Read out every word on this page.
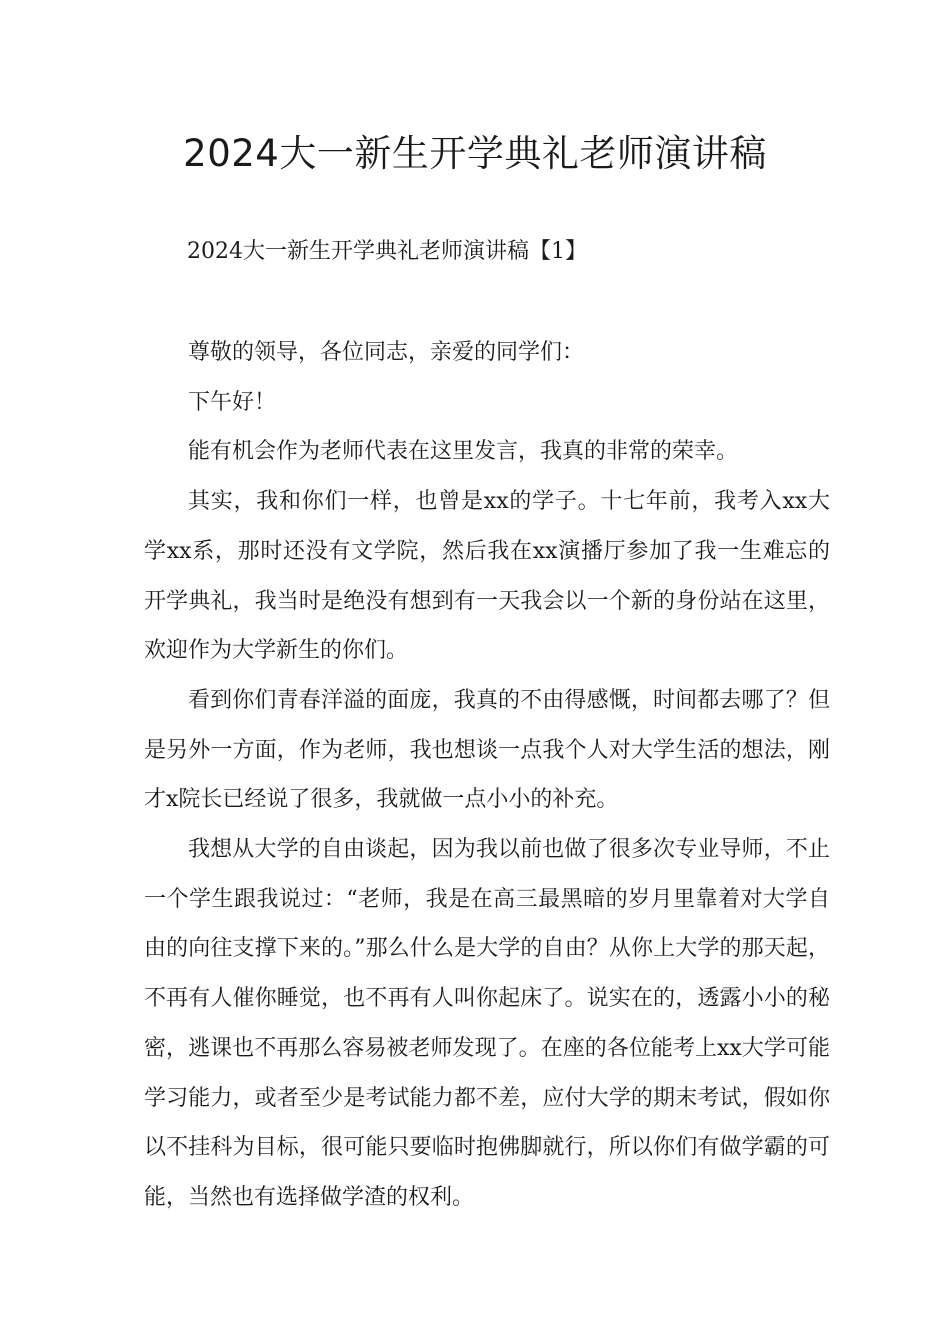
2024大一新生开学典礼老师演讲稿
2024大一新生开学典礼老师演讲稿【1】

尊敬的领导，各位同志，亲爱的同学们：

下午好！

能有机会作为老师代表在这里发言，我真的非常的荣幸。

其实，我和你们一样，也曾是xx的学子。十七年前，我考入xx大学xx系，那时还没有文学院，然后我在xx演播厅参加了我一生难忘的开学典礼，我当时是绝没有想到有一天我会以一个新的身份站在这里，欢迎作为大学新生的你们。

看到你们青春洋溢的面庞，我真的不由得感慨，时间都去哪了？但是另外一方面，作为老师，我也想谈一点我个人对大学生活的想法，刚才x院长已经说了很多，我就做一点小小的补充。

我想从大学的自由谈起，因为我以前也做了很多次专业导师，不止一个学生跟我说过：“老师，我是在高三最黑暗的岁月里靠着对大学自由的向往支撑下来的。”那么什么是大学的自由？从你上大学的那天起，不再有人催你睡觉，也不再有人叫你起床了。说实在的，透露小小的秘密，逃课也不再那么容易被老师发现了。在座的各位能考上xx大学可能学习能力，或者至少是考试能力都不差，应付大学的期末考试，假如你以不挂科为目标，很可能只要临时抱佛脚就行，所以你们有做学霸的可能，当然也有选择做学渣的权利。
